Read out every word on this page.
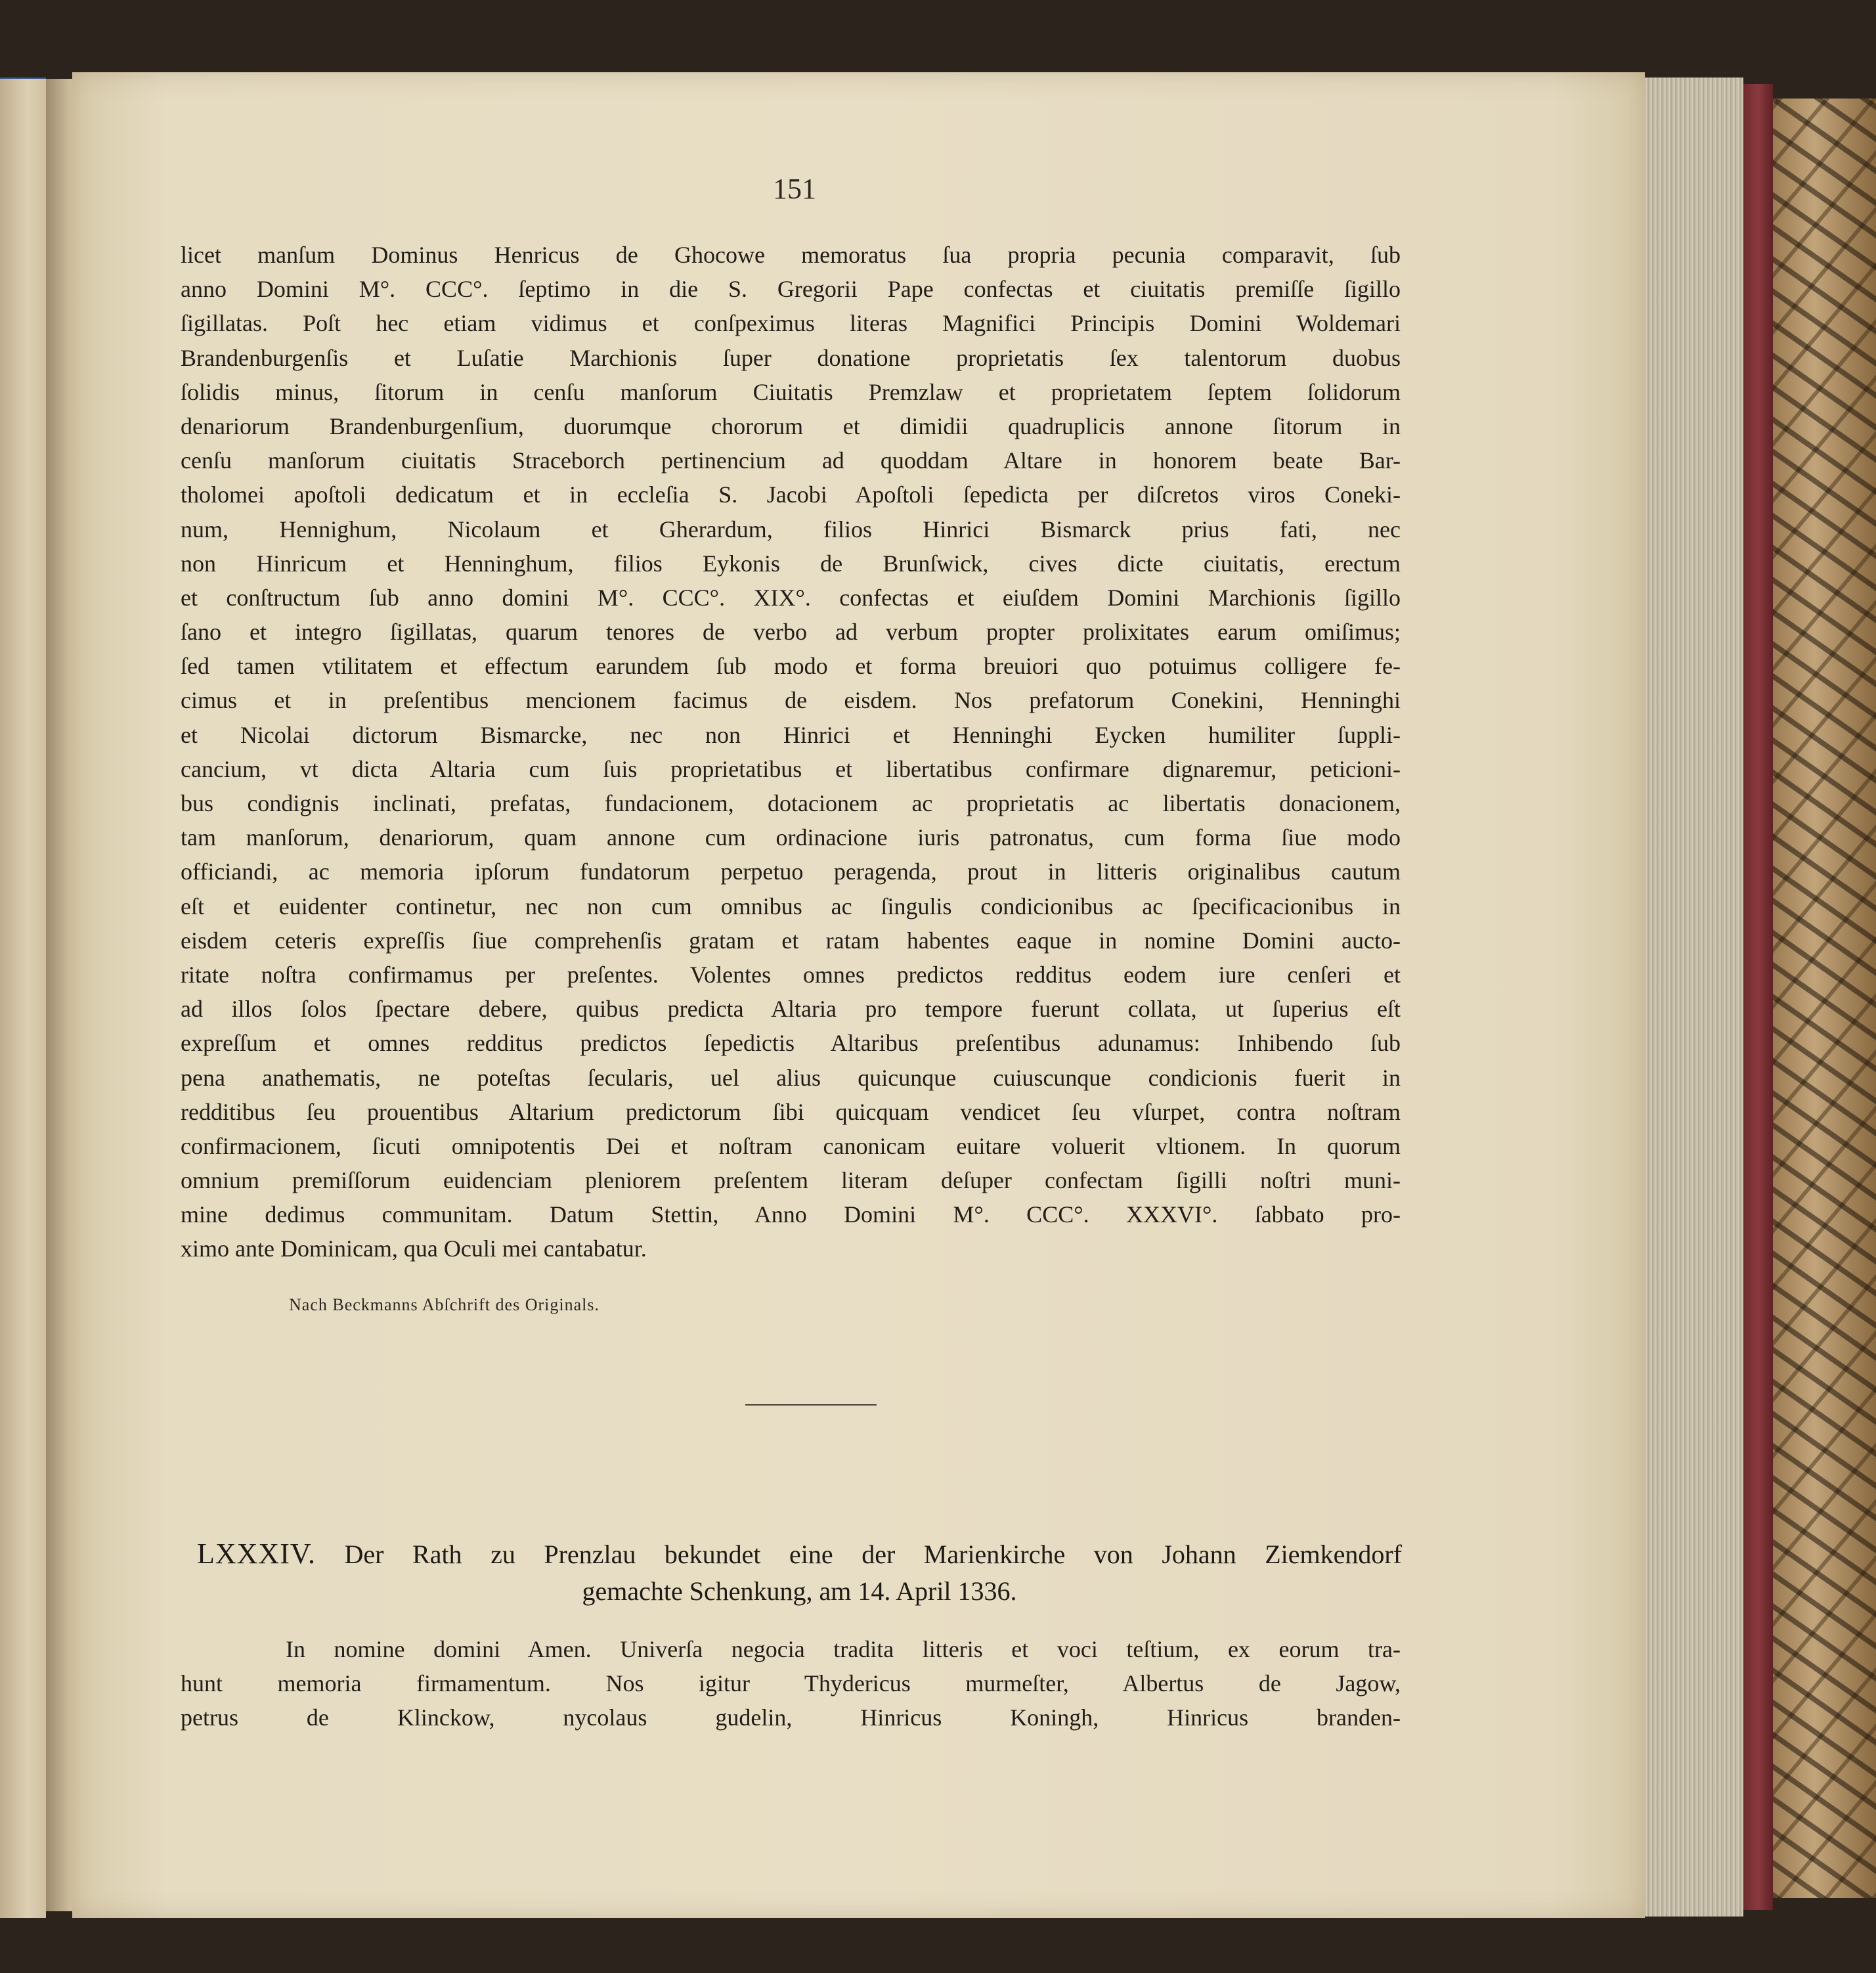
151
licet manſum Dominus Henricus de Ghocowe memoratus ſua propria pecunia comparavit, ſub
anno Domini M°. CCC°. ſeptimo in die S. Gregorii Pape confectas et ciuitatis premiſſe ſigillo
ſigillatas. Poſt hec etiam vidimus et conſpeximus literas Magnifici Principis Domini Woldemari
Brandenburgenſis et Luſatie Marchionis ſuper donatione proprietatis ſex talentorum duobus
ſolidis minus, ſitorum in cenſu manſorum Ciuitatis Premzlaw et proprietatem ſeptem ſolidorum
denariorum Brandenburgenſium, duorumque chororum et dimidii quadruplicis annone ſitorum in
cenſu manſorum ciuitatis Straceborch pertinencium ad quoddam Altare in honorem beate Bar-
tholomei apoſtoli dedicatum et in eccleſia S. Jacobi Apoſtoli ſepedicta per diſcretos viros Coneki-
num, Hennighum, Nicolaum et Gherardum, filios Hinrici Bismarck prius fati, nec
non Hinricum et Henninghum, filios Eykonis de Brunſwick, cives dicte ciuitatis, erectum
et conſtructum ſub anno domini M°. CCC°. XIX°. confectas et eiuſdem Domini Marchionis ſigillo
ſano et integro ſigillatas, quarum tenores de verbo ad verbum propter prolixitates earum omiſimus;
ſed tamen vtilitatem et effectum earundem ſub modo et forma breuiori quo potuimus colligere fe-
cimus et in preſentibus mencionem facimus de eisdem. Nos prefatorum Conekini, Henninghi
et Nicolai dictorum Bismarcke, nec non Hinrici et Henninghi Eycken humiliter ſuppli-
cancium, vt dicta Altaria cum ſuis proprietatibus et libertatibus confirmare dignaremur, peticioni-
bus condignis inclinati, prefatas, fundacionem, dotacionem ac proprietatis ac libertatis donacionem,
tam manſorum, denariorum, quam annone cum ordinacione iuris patronatus, cum forma ſiue modo
officiandi, ac memoria ipſorum fundatorum perpetuo peragenda, prout in litteris originalibus cautum
eſt et euidenter continetur, nec non cum omnibus ac ſingulis condicionibus ac ſpecificacionibus in
eisdem ceteris expreſſis ſiue comprehenſis gratam et ratam habentes eaque in nomine Domini aucto-
ritate noſtra confirmamus per preſentes. Volentes omnes predictos redditus eodem iure cenſeri et
ad illos ſolos ſpectare debere, quibus predicta Altaria pro tempore fuerunt collata, ut ſuperius eſt
expreſſum et omnes redditus predictos ſepedictis Altaribus preſentibus adunamus: Inhibendo ſub
pena anathematis, ne poteſtas ſecularis, uel alius quicunque cuiuscunque condicionis fuerit in
redditibus ſeu prouentibus Altarium predictorum ſibi quicquam vendicet ſeu vſurpet, contra noſtram
confirmacionem, ſicuti omnipotentis Dei et noſtram canonicam euitare voluerit vltionem. In quorum
omnium premiſſorum euidenciam pleniorem preſentem literam deſuper confectam ſigilli noſtri muni-
mine dedimus communitam. Datum Stettin, Anno Domini M°. CCC°. XXXVI°. ſabbato pro-
ximo ante Dominicam, qua Oculi mei cantabatur.
Nach Beckmanns Abſchrift des Originals.
LXXXIV. Der Rath zu Prenzlau bekundet eine der Marienkirche von Johann Ziemkendorf
gemachte Schenkung, am 14. April 1336.
In nomine domini Amen. Univerſa negocia tradita litteris et voci teſtium, ex eorum tra-
hunt memoria firmamentum. Nos igitur Thydericus murmeſter, Albertus de Jagow,
petrus de Klinckow, nycolaus gudelin, Hinricus Koningh, Hinricus branden-
